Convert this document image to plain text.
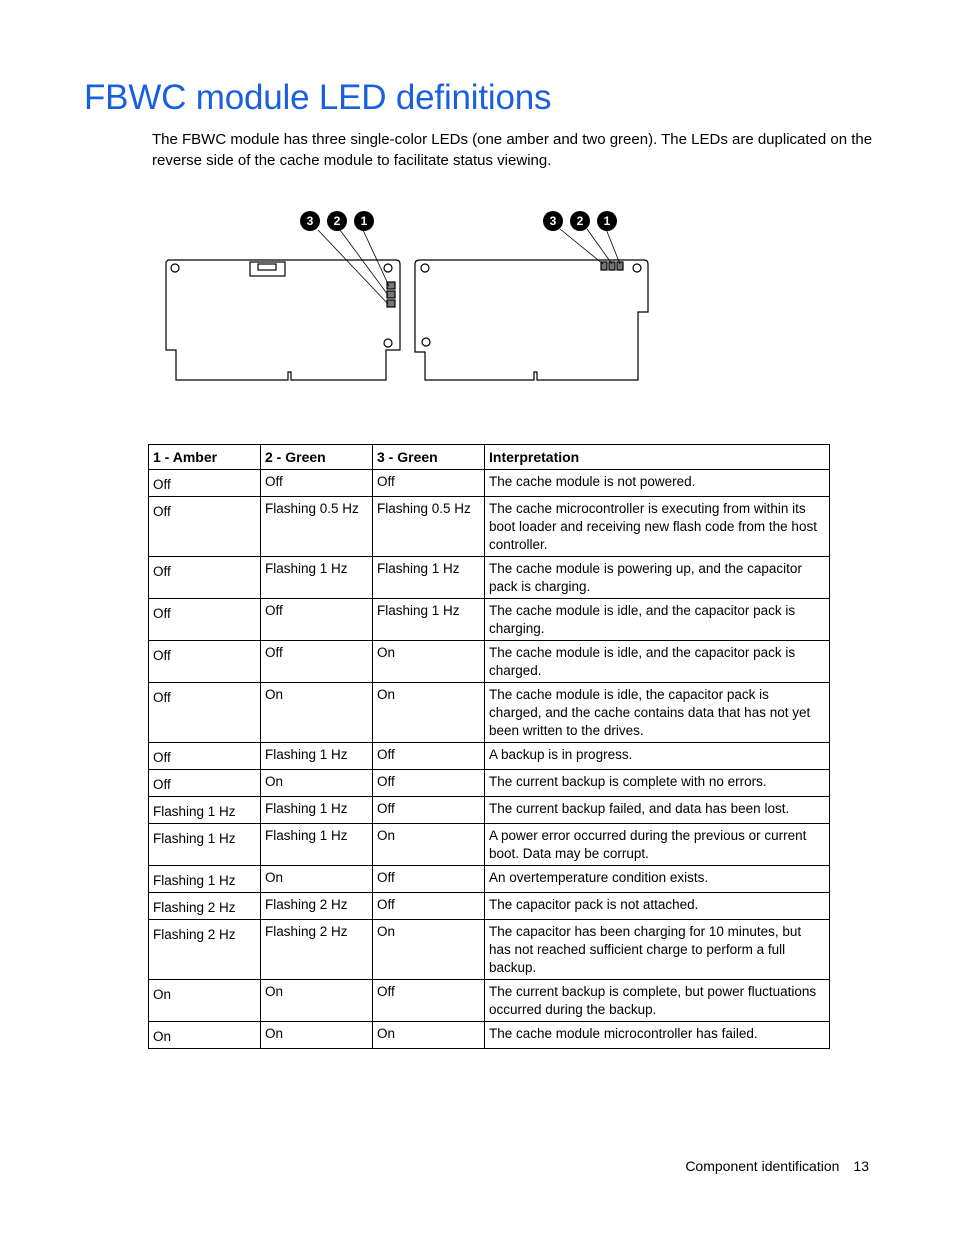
FBWC module LED definitions

The FBWC module has three single-color LEDs (one amber and two green). The LEDs are duplicated on the reverse side of the cache module to facilitate status viewing.

3 2 1	3 2 1
1 - Amber	2 - Green	3 - Green	Interpretation
Off	Off	Off	The cache module is not powered.
Off	Flashing 0.5 Hz	Flashing 0.5 Hz	The cache microcontroller is executing from within its boot loader and receiving new flash code from the host controller.
Off	Flashing 1 Hz	Flashing 1 Hz	The cache module is powering up, and the capacitor pack is charging.
Off	Off	Flashing 1 Hz	The cache module is idle, and the capacitor pack is charging.
Off	Off	On	The cache module is idle, and the capacitor pack is charged.
Off	On	On	The cache module is idle, the capacitor pack is charged, and the cache contains data that has not yet been written to the drives.
Off	Flashing 1 Hz	Off	A backup is in progress.
Off	On	Off	The current backup is complete with no errors.
Flashing 1 Hz	Flashing 1 Hz	Off	The current backup failed, and data has been lost.
Flashing 1 Hz	Flashing 1 Hz	On	A power error occurred during the previous or current boot. Data may be corrupt.
Flashing 1 Hz	On	Off	An overtemperature condition exists.
Flashing 2 Hz	Flashing 2 Hz	Off	The capacitor pack is not attached.
Flashing 2 Hz	Flashing 2 Hz	On	The capacitor has been charging for 10 minutes, but has not reached sufficient charge to perform a full backup.
On	On	Off	The current backup is complete, but power fluctuations occurred during the backup.
On	On	On	The cache module microcontroller has failed.
Component identification 13
